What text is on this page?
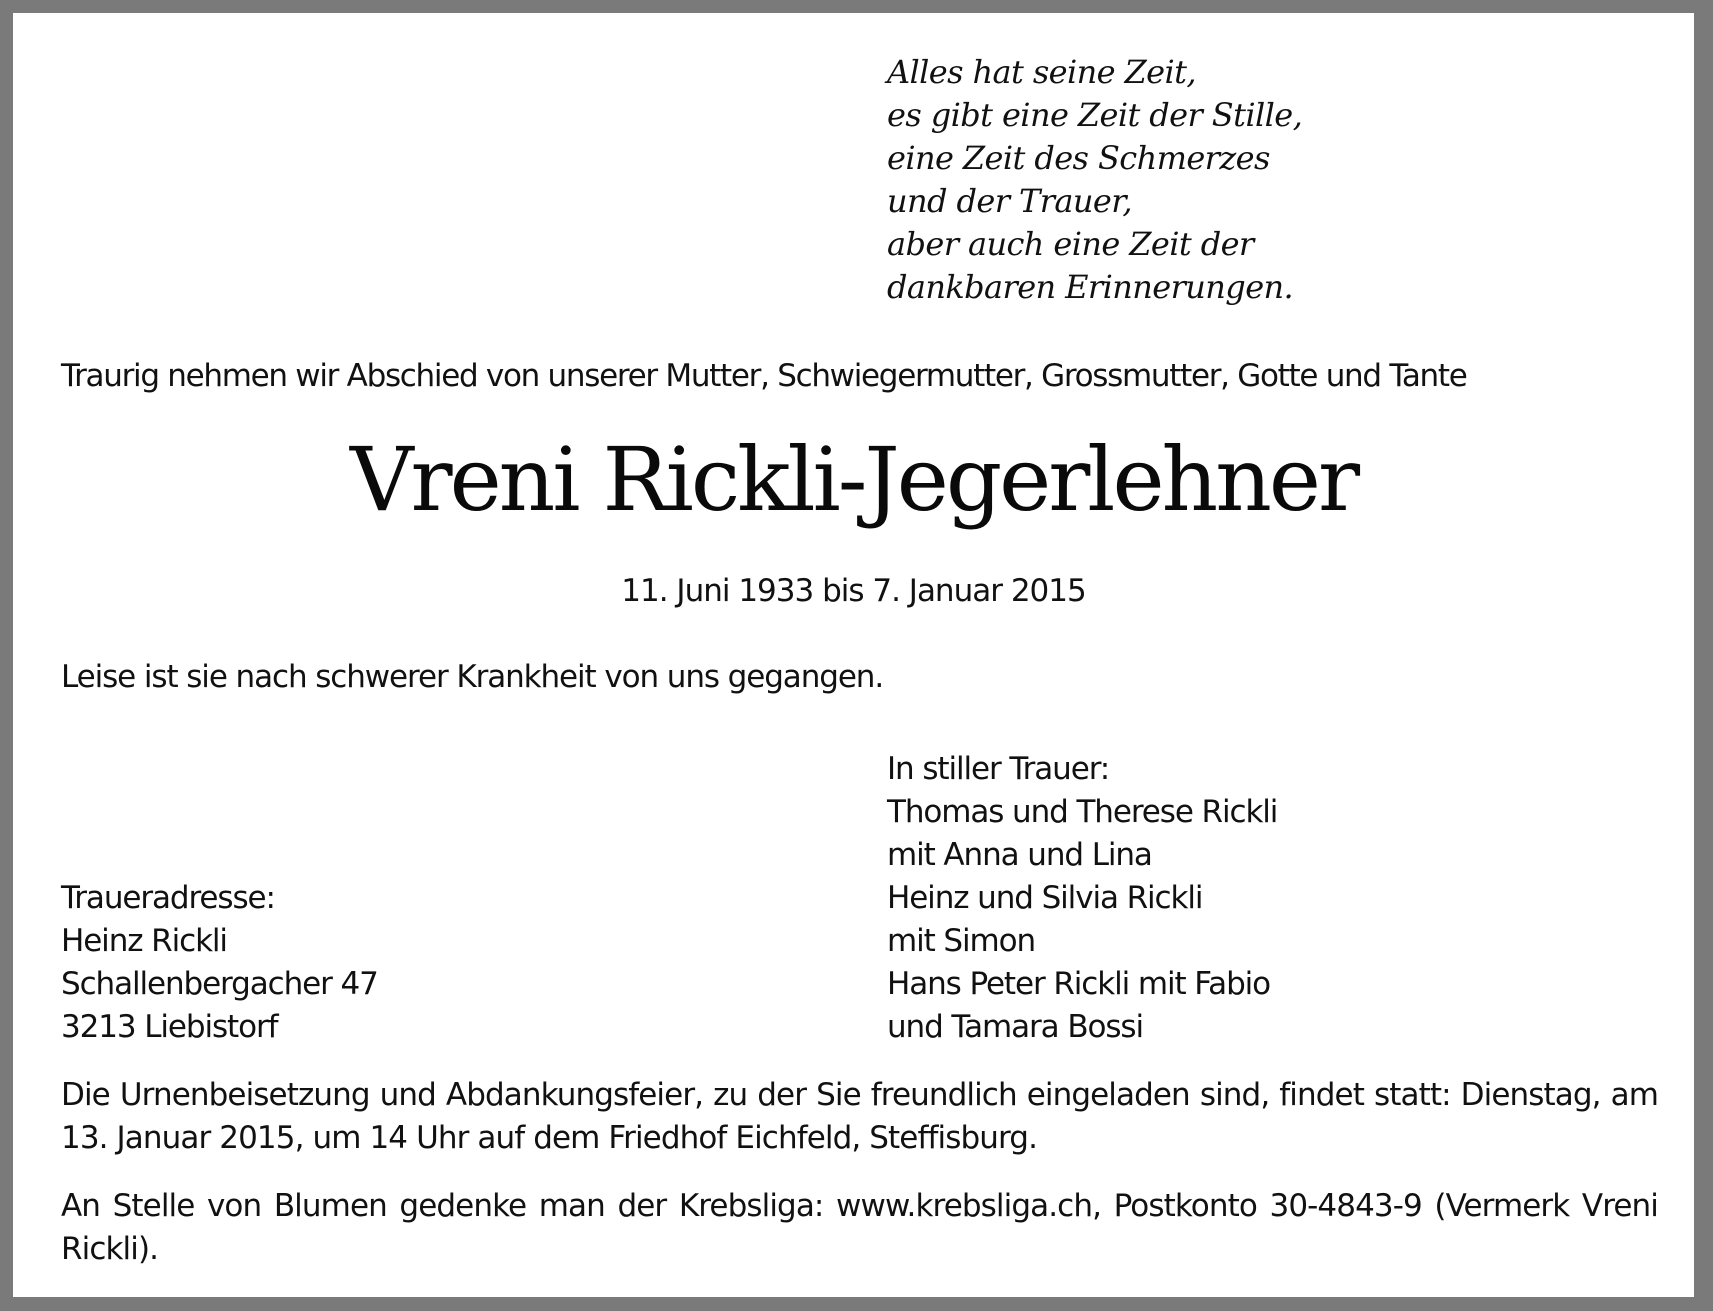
Alles hat seine Zeit,
es gibt eine Zeit der Stille,
eine Zeit des Schmerzes
und der Trauer,
aber auch eine Zeit der
dankbaren Erinnerungen.
Traurig nehmen wir Abschied von unserer Mutter, Schwiegermutter, Grossmutter, Gotte und Tante
Vreni Rickli-Jegerlehner
11. Juni 1933 bis 7. Januar 2015
Leise ist sie nach schwerer Krankheit von uns gegangen.
In stiller Trauer:
Thomas und Therese Rickli
mit Anna und Lina
Heinz und Silvia Rickli
mit Simon
Hans Peter Rickli mit Fabio
und Tamara Bossi
Traueradresse:
Heinz Rickli
Schallenbergacher 47
3213 Liebistorf
Die Urnenbeisetzung und Abdankungsfeier, zu der Sie freundlich eingeladen sind, findet statt: Dienstag, am 13. Januar 2015, um 14 Uhr auf dem Friedhof Eichfeld, Steffisburg.
An Stelle von Blumen gedenke man der Krebsliga: www.krebsliga.ch, Postkonto 30-4843-9 (Vermerk Vreni Rickli).
